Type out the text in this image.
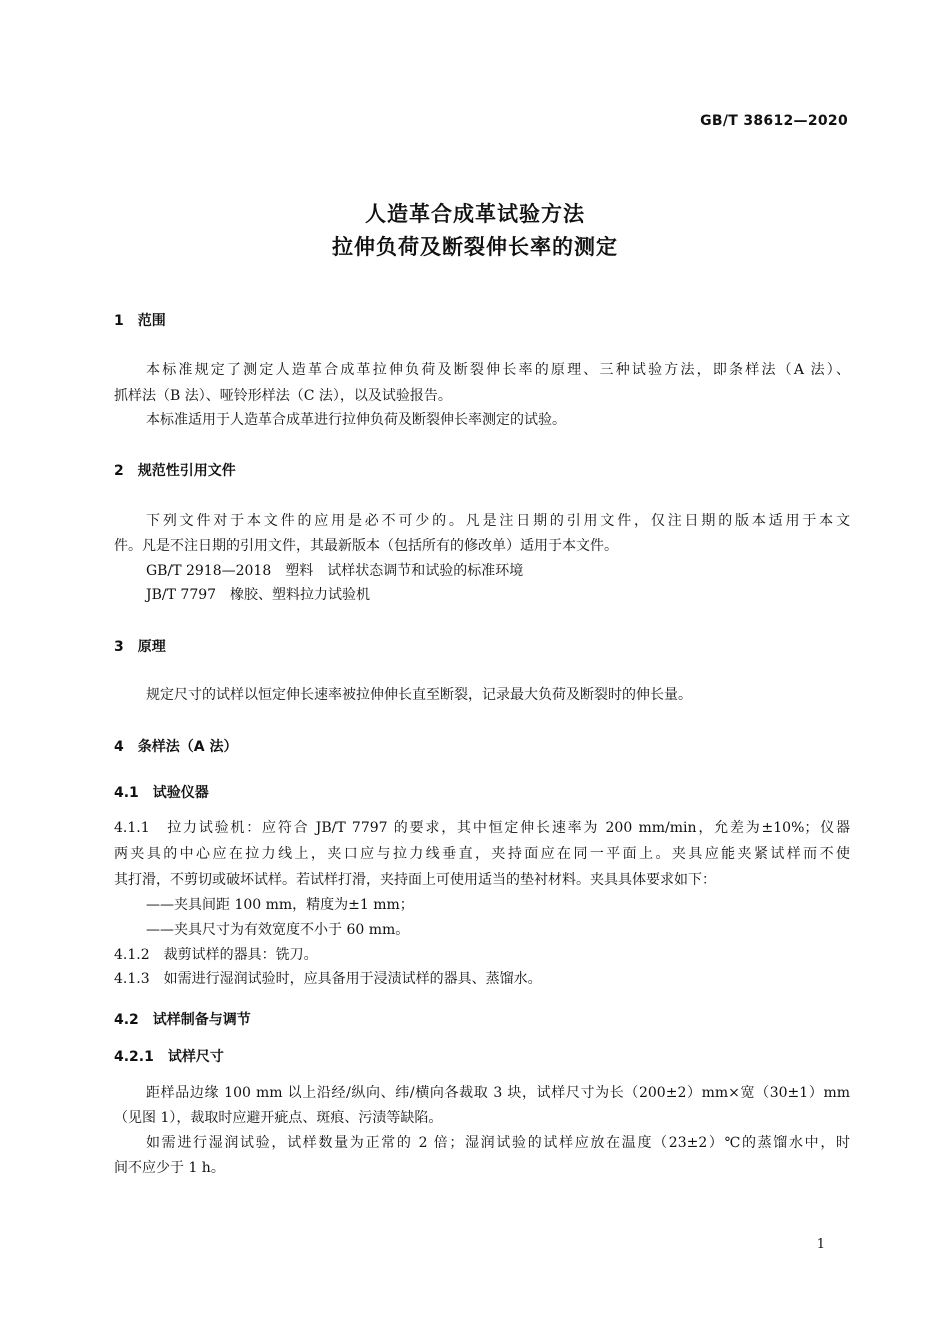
GB/T 38612—2020
人造革合成革试验方法
拉伸负荷及断裂伸长率的测定
1　范围
本标准规定了测定人造革合成革拉伸负荷及断裂伸长率的原理、三种试验方法，即条样法（A 法）、
抓样法（B 法）、哑铃形样法（C 法），以及试验报告。
本标准适用于人造革合成革进行拉伸负荷及断裂伸长率测定的试验。
2　规范性引用文件
下列文件对于本文件的应用是必不可少的。凡是注日期的引用文件，仅注日期的版本适用于本文
件。凡是不注日期的引用文件，其最新版本（包括所有的修改单）适用于本文件。
GB/T 2918—2018　塑料　试样状态调节和试验的标准环境
JB/T 7797　橡胶、塑料拉力试验机
3　原理
规定尺寸的试样以恒定伸长速率被拉伸伸长直至断裂，记录最大负荷及断裂时的伸长量。
4　条样法（A 法）
4.1　试验仪器
4.1.1　拉力试验机：应符合 JB/T 7797 的要求，其中恒定伸长速率为 200 mm/min，允差为±10%；仪器
两夹具的中心应在拉力线上，夹口应与拉力线垂直，夹持面应在同一平面上。夹具应能夹紧试样而不使
其打滑，不剪切或破坏试样。若试样打滑，夹持面上可使用适当的垫衬材料。夹具具体要求如下：
——夹具间距 100 mm，精度为±1 mm；
——夹具尺寸为有效宽度不小于 60 mm。
4.1.2　裁剪试样的器具：铣刀。
4.1.3　如需进行湿润试验时，应具备用于浸渍试样的器具、蒸馏水。
4.2　试样制备与调节
4.2.1　试样尺寸
距样品边缘 100 mm 以上沿经/纵向、纬/横向各裁取 3 块，试样尺寸为长（200±2）mm×宽（30±1）mm
（见图 1），裁取时应避开疵点、斑痕、污渍等缺陷。
如需进行湿润试验，试样数量为正常的 2 倍；湿润试验的试样应放在温度（23±2）℃的蒸馏水中，时
间不应少于 1 h。
1
